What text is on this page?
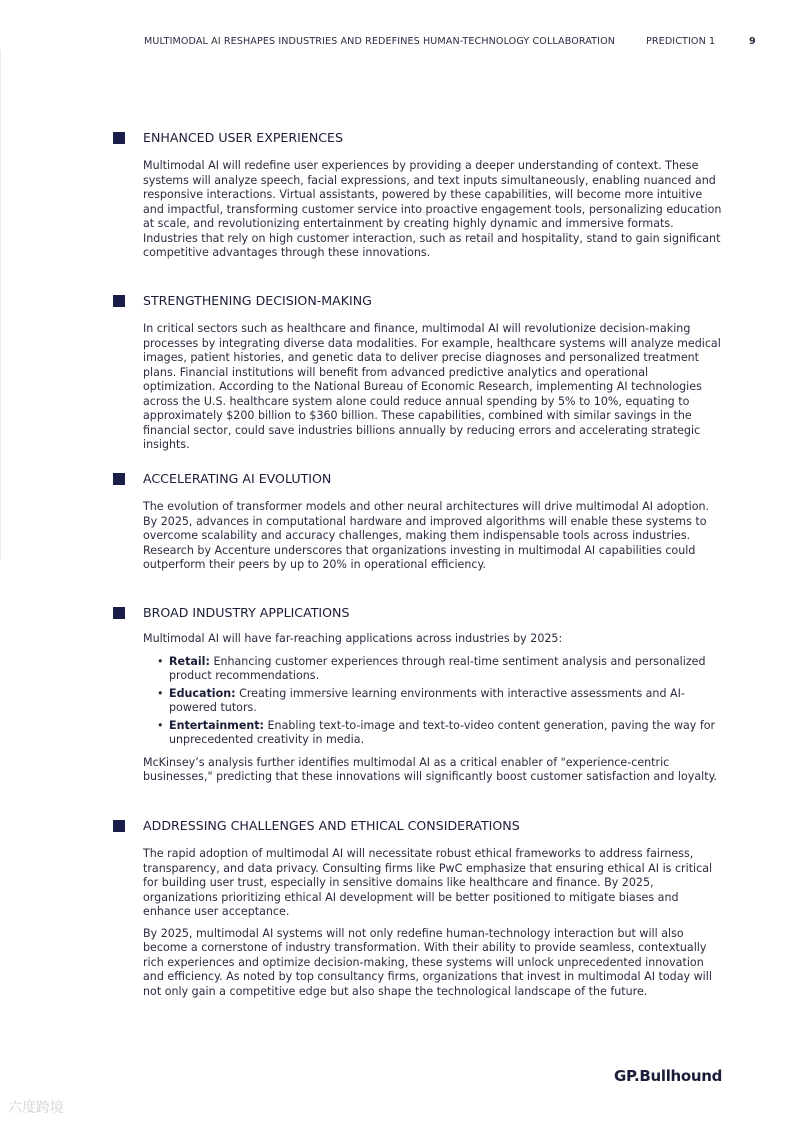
MULTIMODAL AI RESHAPES INDUSTRIES AND REDEFINES HUMAN-TECHNOLOGY COLLABORATION	PREDICTION 1	9
ENHANCED USER EXPERIENCES

Multimodal AI will redefine user experiences by providing a deeper understanding of context. These systems will analyze speech, facial expressions, and text inputs simultaneously, enabling nuanced and responsive interactions. Virtual assistants, powered by these capabilities, will become more intuitive and impactful, transforming customer service into proactive engagement tools, personalizing education at scale, and revolutionizing entertainment by creating highly dynamic and immersive formats. Industries that rely on high customer interaction, such as retail and hospitality, stand to gain significant competitive advantages through these innovations.

STRENGTHENING DECISION-MAKING

In critical sectors such as healthcare and finance, multimodal AI will revolutionize decision-making processes by integrating diverse data modalities. For example, healthcare systems will analyze medical images, patient histories, and genetic data to deliver precise diagnoses and personalized treatment plans. Financial institutions will benefit from advanced predictive analytics and operational optimization. According to the National Bureau of Economic Research, implementing AI technologies across the U.S. healthcare system alone could reduce annual spending by 5% to 10%, equating to approximately $200 billion to $360 billion. These capabilities, combined with similar savings in the financial sector, could save industries billions annually by reducing errors and accelerating strategic insights.

ACCELERATING AI EVOLUTION

The evolution of transformer models and other neural architectures will drive multimodal AI adoption. By 2025, advances in computational hardware and improved algorithms will enable these systems to overcome scalability and accuracy challenges, making them indispensable tools across industries. Research by Accenture underscores that organizations investing in multimodal AI capabilities could outperform their peers by up to 20% in operational efficiency.

BROAD INDUSTRY APPLICATIONS

Multimodal AI will have far-reaching applications across industries by 2025:

• Retail: Enhancing customer experiences through real-time sentiment analysis and personalized product recommendations.
• Education: Creating immersive learning environments with interactive assessments and AI-powered tutors.
• Entertainment: Enabling text-to-image and text-to-video content generation, paving the way for unprecedented creativity in media.

McKinsey’s analysis further identifies multimodal AI as a critical enabler of "experience-centric businesses," predicting that these innovations will significantly boost customer satisfaction and loyalty.

ADDRESSING CHALLENGES AND ETHICAL CONSIDERATIONS

The rapid adoption of multimodal AI will necessitate robust ethical frameworks to address fairness, transparency, and data privacy. Consulting firms like PwC emphasize that ensuring ethical AI is critical for building user trust, especially in sensitive domains like healthcare and finance. By 2025, organizations prioritizing ethical AI development will be better positioned to mitigate biases and enhance user acceptance.

By 2025, multimodal AI systems will not only redefine human-technology interaction but will also become a cornerstone of industry transformation. With their ability to provide seamless, contextually rich experiences and optimize decision-making, these systems will unlock unprecedented innovation and efficiency. As noted by top consultancy firms, organizations that invest in multimodal AI today will not only gain a competitive edge but also shape the technological landscape of the future.

GP.Bullhound
六度跨境
